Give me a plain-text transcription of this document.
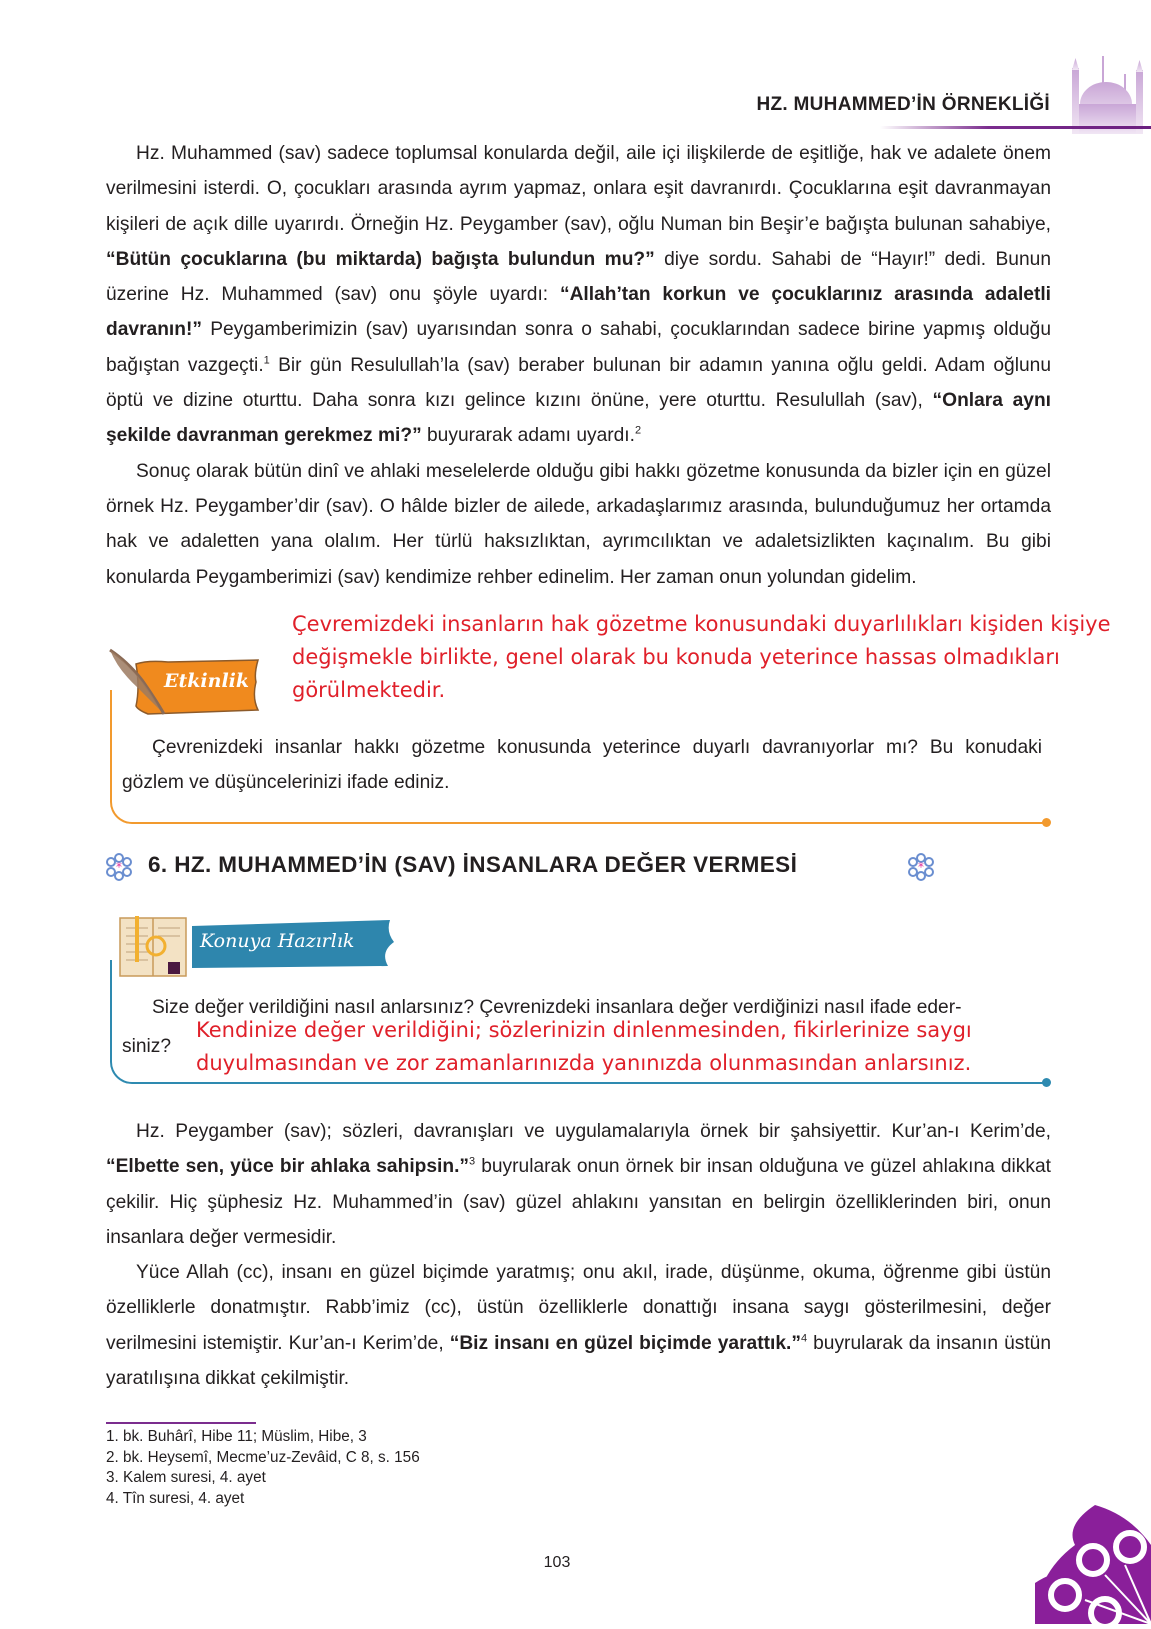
HZ. MUHAMMED’İN ÖRNEKLİĞİ

Hz. Muhammed (sav) sadece toplumsal konularda değil, aile içi ilişkilerde de eşitliğe, hak ve adalete önem verilmesini isterdi. O, çocukları arasında ayrım yapmaz, onlara eşit davranırdı. Çocuklarına eşit davranmayan kişileri de açık dille uyarırdı. Örneğin Hz. Peygamber (sav), oğlu Numan bin Beşir’e bağışta bulunan sahabiye, “Bütün çocuklarına (bu miktarda) bağışta bulundun mu?” diye sordu. Sahabi de “Hayır!” dedi. Bunun üzerine Hz. Muhammed (sav) onu şöyle uyardı: “Allah’tan korkun ve çocuklarınız arasında adaletli davranın!” Peygamberimizin (sav) uyarısından sonra o sahabi, çocuklarından sadece birine yapmış olduğu bağıştan vazgeçti.$^1$ Bir gün Resulullah’la (sav) beraber bulunan bir adamın yanına oğlu geldi. Adam oğlunu öptü ve dizine oturttu. Daha sonra kızı gelince kızını önüne, yere oturttu. Resulullah (sav), “Onlara aynı şekilde davranman gerekmez mi?” buyurarak adamı uyardı.$^2$

Sonuç olarak bütün dinî ve ahlaki meselelerde olduğu gibi hakkı gözetme konusunda da bizler için en güzel örnek Hz. Peygamber’dir (sav). O hâlde bizler de ailede, arkadaşlarımız arasında, bulunduğumuz her ortamda hak ve adaletten yana olalım. Her türlü haksızlıktan, ayrımcılıktan ve adaletsizlikten kaçınalım. Bu gibi konularda Peygamberimizi (sav) kendimize rehber edinelim. Her zaman onun yolundan gidelim.

Çevremizdeki insanların hak gözetme konusundaki duyarlılıkları kişiden kişiye değişmekle birlikte, genel olarak bu konuda yeterince hassas olmadıkları görülmektedir.
Etkinlik

Çevrenizdeki insanlar hakkı gözetme konusunda yeterince duyarlı davranıyorlar mı? Bu konudaki gözlem ve düşüncelerinizi ifade ediniz.

* 6. HZ. MUHAMMED’İN (SAV) İNSANLARA DEĞER VERMESİ	*
Konuya Hazırlık
Size değer verildiğini nasıl anlarsınız? Çevrenizdeki insanlara değer verdiğinizi nasıl ifade eder-
siniz?
Kendinize değer verildiğini; sözlerinizin dinlenmesinden, fikirlerinize saygı duyulmasından ve zor zamanlarınızda yanınızda olunmasından anlarsınız.

Hz. Peygamber (sav); sözleri, davranışları ve uygulamalarıyla örnek bir şahsiyettir. Kur’an-ı Kerim’de, “Elbette sen, yüce bir ahlaka sahipsin.”$^3$ buyrularak onun örnek bir insan olduğuna ve güzel ahlakına dikkat çekilir. Hiç şüphesiz Hz. Muhammed’in (sav) güzel ahlakını yansıtan en belirgin özelliklerinden biri, onun insanlara değer vermesidir.

Yüce Allah (cc), insanı en güzel biçimde yaratmış; onu akıl, irade, düşünme, okuma, öğrenme gibi üstün özelliklerle donatmıştır. Rabb’imiz (cc), üstün özelliklerle donattığı insana saygı gösterilmesini, değer verilmesini istemiştir. Kur’an-ı Kerim’de, “Biz insanı en güzel biçimde yarattık.”$^4$ buyrularak da insanın üstün yaratılışına dikkat çekilmiştir.

1. bk. Buhârî, Hibe 11; Müslim, Hibe, 3
2. bk. Heysemî, Mecme’uz-Zevâid, C 8, s. 156
3. Kalem suresi, 4. ayet
4. Tîn suresi, 4. ayet
103
